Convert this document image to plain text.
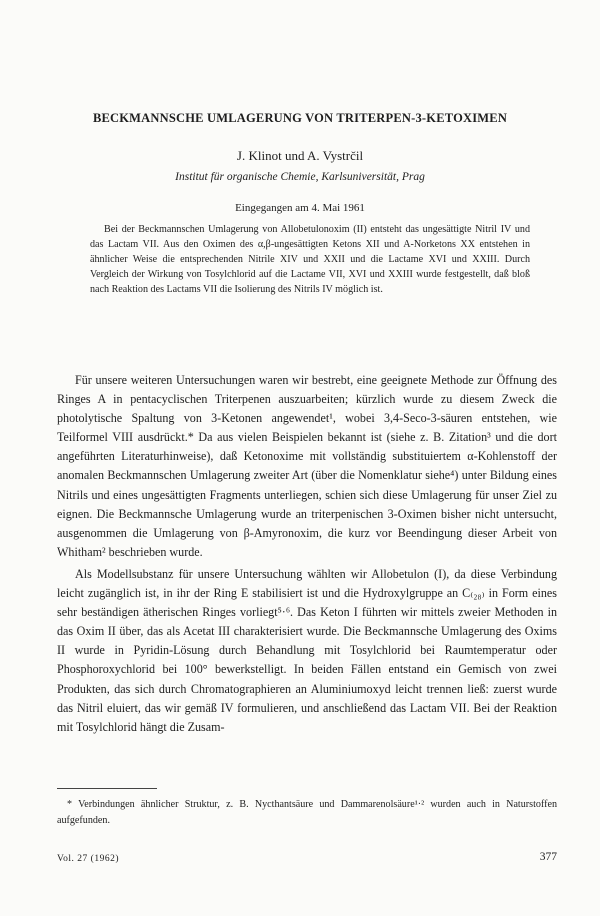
BECKMANNSCHE UMLAGERUNG VON TRITERPEN-3-KETOXIMEN
J. Klinot und A. Vystrčil
Institut für organische Chemie, Karlsuniversität, Prag
Eingegangen am 4. Mai 1961

Bei der Beckmannschen Umlagerung von Allobetulonoxim (II) entsteht das ungesättigte Nitril IV und das Lactam VII. Aus den Oximen des α,β-ungesättigten Ketons XII und A-Norketons XX entstehen in ähnlicher Weise die entsprechenden Nitrile XIV und XXII und die Lactame XVI und XXIII. Durch Vergleich der Wirkung von Tosylchlorid auf die Lactame VII, XVI und XXIII wurde festgestellt, daß bloß nach Reaktion des Lactams VII die Isolierung des Nitrils IV möglich ist.

Für unsere weiteren Untersuchungen waren wir bestrebt, eine geeignete Methode zur Öffnung des Ringes A in pentacyclischen Triterpenen auszuarbeiten; kürzlich wurde zu diesem Zweck die photolytische Spaltung von 3-Ketonen angewendet¹, wobei 3,4-Seco-3-säuren entstehen, wie Teilformel VIII ausdrückt.* Da aus vielen Beispielen bekannt ist (siehe z. B. Zitation³ und die dort angeführten Literaturhinweise), daß Ketonoxime mit vollständig substituiertem α-Kohlenstoff der anomalen Beckmannschen Umlagerung zweiter Art (über die Nomenklatur siehe⁴) unter Bildung eines Nitrils und eines ungesättigten Fragments unterliegen, schien sich diese Umlagerung für unser Ziel zu eignen. Die Beckmannsche Umlagerung wurde an triterpenischen 3-Oximen bisher nicht untersucht, ausgenommen die Umlagerung von β-Amyronoxim, die kurz vor Beendingung dieser Arbeit von Whitham² beschrieben wurde.

Als Modellsubstanz für unsere Untersuchung wählten wir Allobetulon (I), da diese Verbindung leicht zugänglich ist, in ihr der Ring E stabilisiert ist und die Hydroxylgruppe an C₍₂₈₎ in Form eines sehr beständigen ätherischen Ringes vorliegt⁵·⁶. Das Keton I führten wir mittels zweier Methoden in das Oxim II über, das als Acetat III charakterisiert wurde. Die Beckmannsche Umlagerung des Oxims II wurde in Pyridin-Lösung durch Behandlung mit Tosylchlorid bei Raumtemperatur oder Phosphoroxychlorid bei 100° bewerkstelligt. In beiden Fällen entstand ein Gemisch von zwei Produkten, das sich durch Chromatographieren an Aluminiumoxyd leicht trennen ließ: zuerst wurde das Nitril eluiert, das wir gemäß IV formulieren, und anschließend das Lactam VII. Bei der Reaktion mit Tosylchlorid hängt die Zusam-

* Verbindungen ähnlicher Struktur, z. B. Nycthantsäure und Dammarenolsäure¹·² wurden auch in Naturstoffen aufgefunden.

Vol. 27 (1962)	377
